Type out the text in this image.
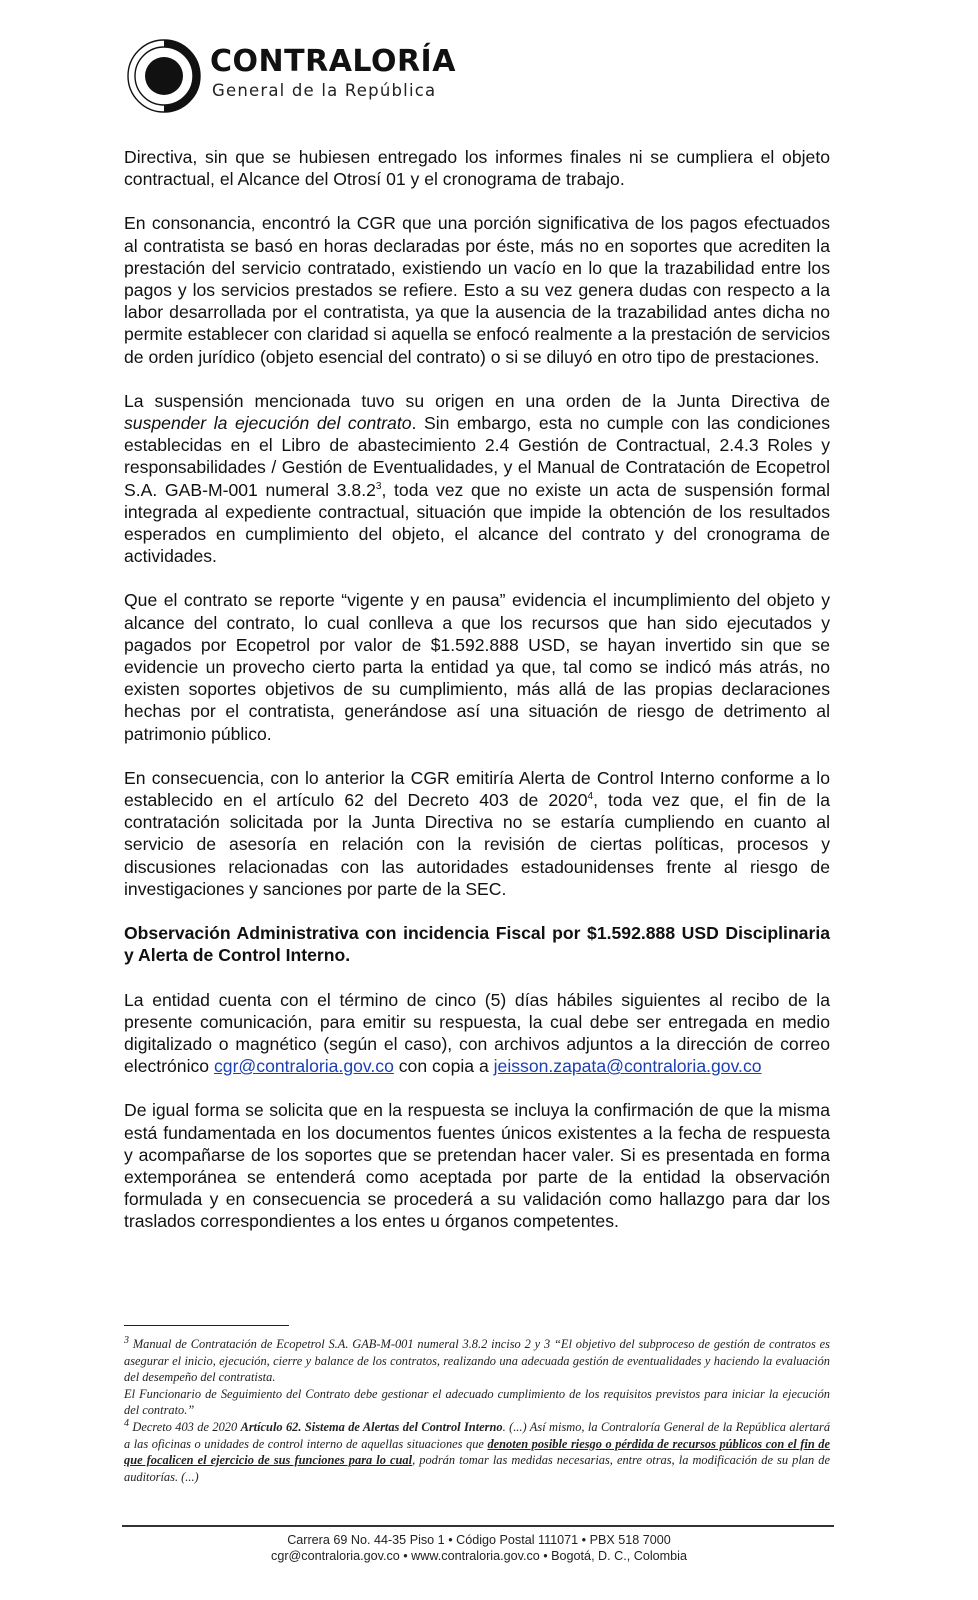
CONTRALORÍA
General de la República

Directiva, sin que se hubiesen entregado los informes finales ni se cumpliera el objeto contractual, el Alcance del Otrosí 01 y el cronograma de trabajo.

En consonancia, encontró la CGR que una porción significativa de los pagos efectuados al contratista se basó en horas declaradas por éste, más no en soportes que acrediten la prestación del servicio contratado, existiendo un vacío en lo que la trazabilidad entre los pagos y los servicios prestados se refiere. Esto a su vez genera dudas con respecto a la labor desarrollada por el contratista, ya que la ausencia de la trazabilidad antes dicha no permite establecer con claridad si aquella se enfocó realmente a la prestación de servicios de orden jurídico (objeto esencial del contrato) o si se diluyó en otro tipo de prestaciones.

La suspensión mencionada tuvo su origen en una orden de la Junta Directiva de suspender la ejecución del contrato. Sin embargo, esta no cumple con las condiciones establecidas en el Libro de abastecimiento 2.4 Gestión de Contractual, 2.4.3 Roles y responsabilidades / Gestión de Eventualidades, y el Manual de Contratación de Ecopetrol S.A. GAB-M-001 numeral 3.8.2$^3$, toda vez que no existe un acta de suspensión formal integrada al expediente contractual, situación que impide la obtención de los resultados esperados en cumplimiento del objeto, el alcance del contrato y del cronograma de actividades.

Que el contrato se reporte “vigente y en pausa” evidencia el incumplimiento del objeto y alcance del contrato, lo cual conlleva a que los recursos que han sido ejecutados y pagados por Ecopetrol por valor de $1.592.888 USD, se hayan invertido sin que se evidencie un provecho cierto parta la entidad ya que, tal como se indicó más atrás, no existen soportes objetivos de su cumplimiento, más allá de las propias declaraciones hechas por el contratista, generándose así una situación de riesgo de detrimento al patrimonio público.

En consecuencia, con lo anterior la CGR emitiría Alerta de Control Interno conforme a lo establecido en el artículo 62 del Decreto 403 de 2020$^4$, toda vez que, el fin de la contratación solicitada por la Junta Directiva no se estaría cumpliendo en cuanto al servicio de asesoría en relación con la revisión de ciertas políticas, procesos y discusiones relacionadas con las autoridades estadounidenses frente al riesgo de investigaciones y sanciones por parte de la SEC.

Observación Administrativa con incidencia Fiscal por $1.592.888 USD Disciplinaria y Alerta de Control Interno.

La entidad cuenta con el término de cinco (5) días hábiles siguientes al recibo de la presente comunicación, para emitir su respuesta, la cual debe ser entregada en medio digitalizado o magnético (según el caso), con archivos adjuntos a la dirección de correo electrónico cgr@contraloria.gov.co con copia a jeisson.zapata@contraloria.gov.co

De igual forma se solicita que en la respuesta se incluya la confirmación de que la misma está fundamentada en los documentos fuentes únicos existentes a la fecha de respuesta y acompañarse de los soportes que se pretendan hacer valer. Si es presentada en forma extemporánea se entenderá como aceptada por parte de la entidad la observación formulada y en consecuencia se procederá a su validación como hallazgo para dar los traslados correspondientes a los entes u órganos competentes.

$^3$ Manual de Contratación de Ecopetrol S.A. GAB-M-001 numeral 3.8.2 inciso 2 y 3 “El objetivo del subproceso de gestión de contratos es asegurar el inicio, ejecución, cierre y balance de los contratos, realizando una adecuada gestión de eventualidades y haciendo la evaluación del desempeño del contratista.

El Funcionario de Seguimiento del Contrato debe gestionar el adecuado cumplimiento de los requisitos previstos para iniciar la ejecución del contrato.”

$^4$ Decreto 403 de 2020 Artículo 62. Sistema de Alertas del Control Interno. (...) Así mismo, la Contraloría General de la República alertará a las oficinas o unidades de control interno de aquellas situaciones que denoten posible riesgo o pérdida de recursos públicos con el fin de que focalicen el ejercicio de sus funciones para lo cual, podrán tomar las medidas necesarias, entre otras, la modificación de su plan de auditorías. (...)

Carrera 69 No. 44-35 Piso 1 • Código Postal 111071 • PBX 518 7000
cgr@contraloria.gov.co • www.contraloria.gov.co • Bogotá, D. C., Colombia
